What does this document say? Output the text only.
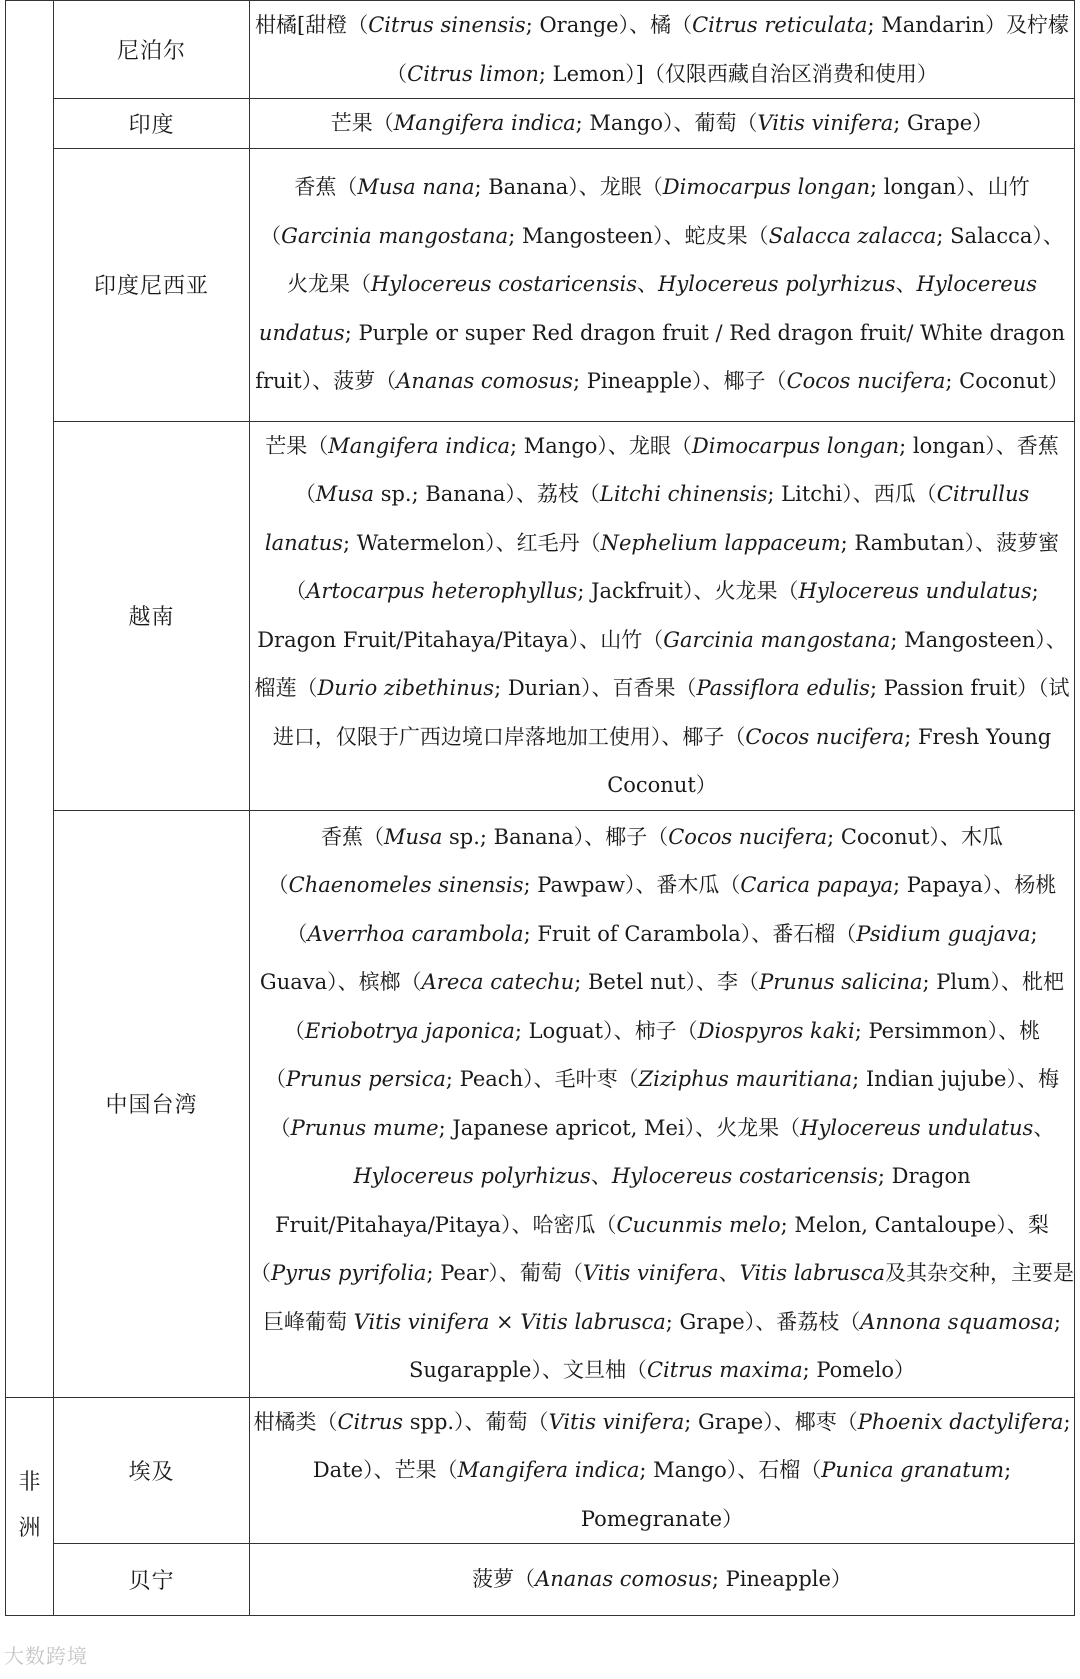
	尼泊尔	柑橘[甜橙（Citrus sinensis; Orange）、橘（Citrus reticulata; Mandarin）及柠檬（Citrus limon; Lemon）]（仅限西藏自治区消费和使用）
	印度	芒果（Mangifera indica; Mango）、葡萄（Vitis vinifera; Grape）
	印度尼西亚	香蕉（Musa nana; Banana）、龙眼（Dimocarpus longan; longan）、山竹（Garcinia mangostana; Mangosteen）、蛇皮果（Salacca zalacca; Salacca）、火龙果（Hylocereus costaricensis、Hylocereus polyrhizus、Hylocereus undatus; Purple or super Red dragon fruit / Red dragon fruit/ White dragon fruit）、菠萝（Ananas comosus; Pineapple）、椰子（Cocos nucifera; Coconut）
	越南	芒果（Mangifera indica; Mango）、龙眼（Dimocarpus longan; longan）、香蕉（Musa sp.; Banana）、荔枝（Litchi chinensis; Litchi）、西瓜（Citrullus lanatus; Watermelon）、红毛丹（Nephelium lappaceum; Rambutan）、菠萝蜜（Artocarpus heterophyllus; Jackfruit）、火龙果（Hylocereus undulatus; Dragon Fruit/Pitahaya/Pitaya）、山竹（Garcinia mangostana; Mangosteen）、榴莲（Durio zibethinus; Durian）、百香果（Passiflora edulis; Passion fruit）（试进口，仅限于广西边境口岸落地加工使用）、椰子（Cocos nucifera; Fresh Young Coconut）
	中国台湾	香蕉（Musa sp.; Banana）、椰子（Cocos nucifera; Coconut）、木瓜（Chaenomeles sinensis; Pawpaw）、番木瓜（Carica papaya; Papaya）、杨桃（Averrhoa carambola; Fruit of Carambola）、番石榴（Psidium guajava; Guava）、槟榔（Areca catechu; Betel nut）、李（Prunus salicina; Plum）、枇杷（Eriobotrya japonica; Loguat）、柿子（Diospyros kaki; Persimmon）、桃（Prunus persica; Peach）、毛叶枣（Ziziphus mauritiana; Indian jujube）、梅（Prunus mume; Japanese apricot, Mei）、火龙果（Hylocereus undulatus、Hylocereus polyrhizus、Hylocereus costaricensis; Dragon Fruit/Pitahaya/Pitaya）、哈密瓜（Cucunmis melo; Melon, Cantaloupe）、梨（Pyrus pyrifolia; Pear）、葡萄（Vitis vinifera、Vitis labrusca及其杂交种，主要是巨峰葡萄 Vitis vinifera × Vitis labrusca; Grape）、番荔枝（Annona squamosa; Sugarapple）、文旦柚（Citrus maxima; Pomelo）

非
洲	埃及	柑橘类（Citrus spp.）、葡萄（Vitis vinifera; Grape）、椰枣（Phoenix dactylifera; Date）、芒果（Mangifera indica; Mango）、石榴（Punica granatum; Pomegranate）
	贝宁	菠萝（Ananas comosus; Pineapple）
大数跨境
